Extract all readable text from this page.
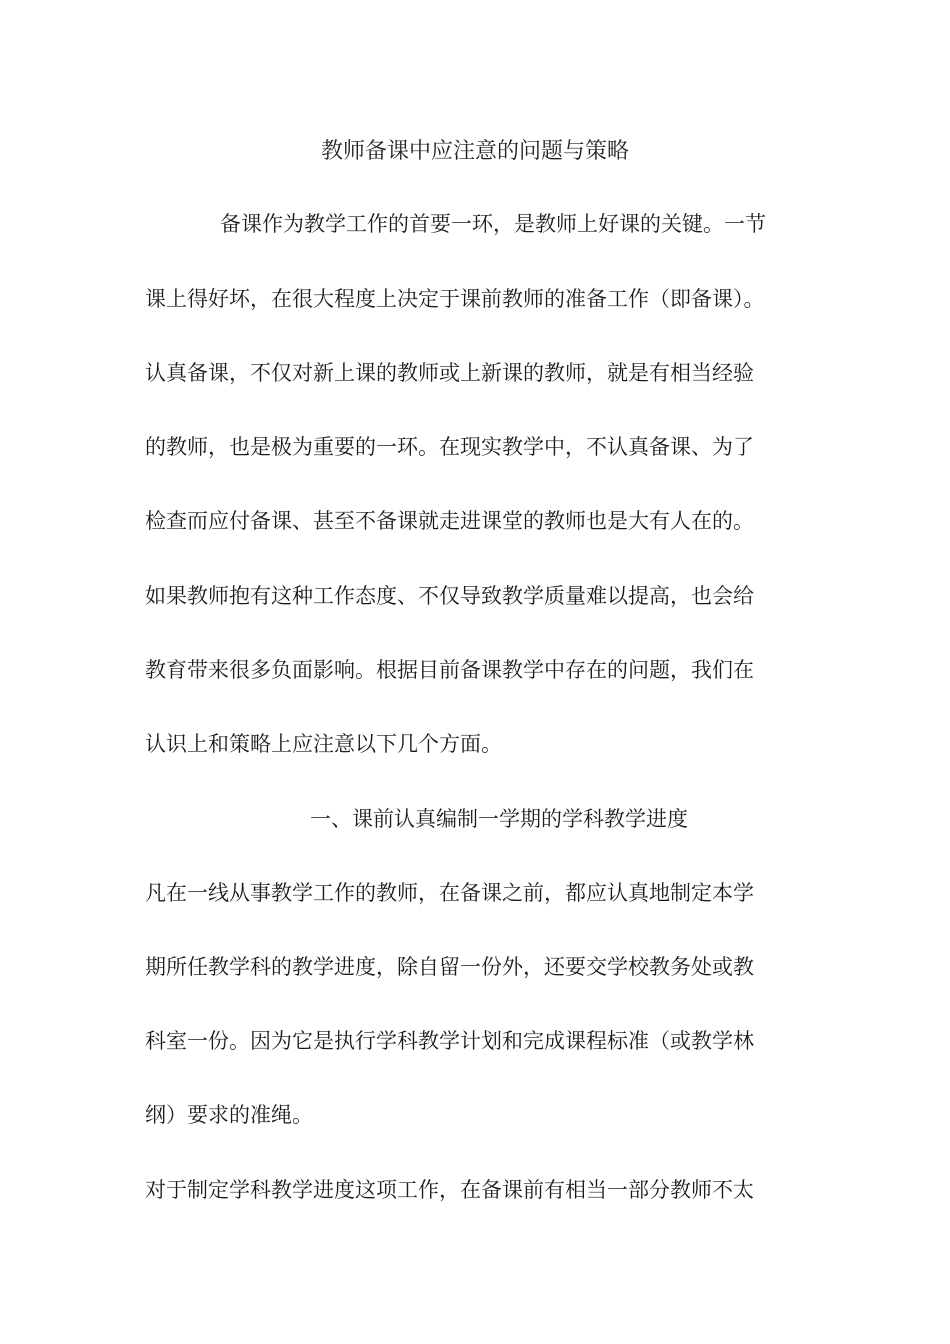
教师备课中应注意的问题与策略

备课作为教学工作的首要一环，是教师上好课的关键。一节

课上得好坏，在很大程度上决定于课前教师的准备工作（即备课）。

认真备课，不仅对新上课的教师或上新课的教师，就是有相当经验

的教师，也是极为重要的一环。在现实教学中，不认真备课、为了

检查而应付备课、甚至不备课就走进课堂的教师也是大有人在的。

如果教师抱有这种工作态度、不仅导致教学质量难以提高，也会给

教育带来很多负面影响。根据目前备课教学中存在的问题，我们在

认识上和策略上应注意以下几个方面。

一、课前认真编制一学期的学科教学进度

凡在一线从事教学工作的教师，在备课之前，都应认真地制定本学

期所任教学科的教学进度，除自留一份外，还要交学校教务处或教

科室一份。因为它是执行学科教学计划和完成课程标准（或教学林

纲）要求的准绳。

对于制定学科教学进度这项工作，在备课前有相当一部分教师不太
